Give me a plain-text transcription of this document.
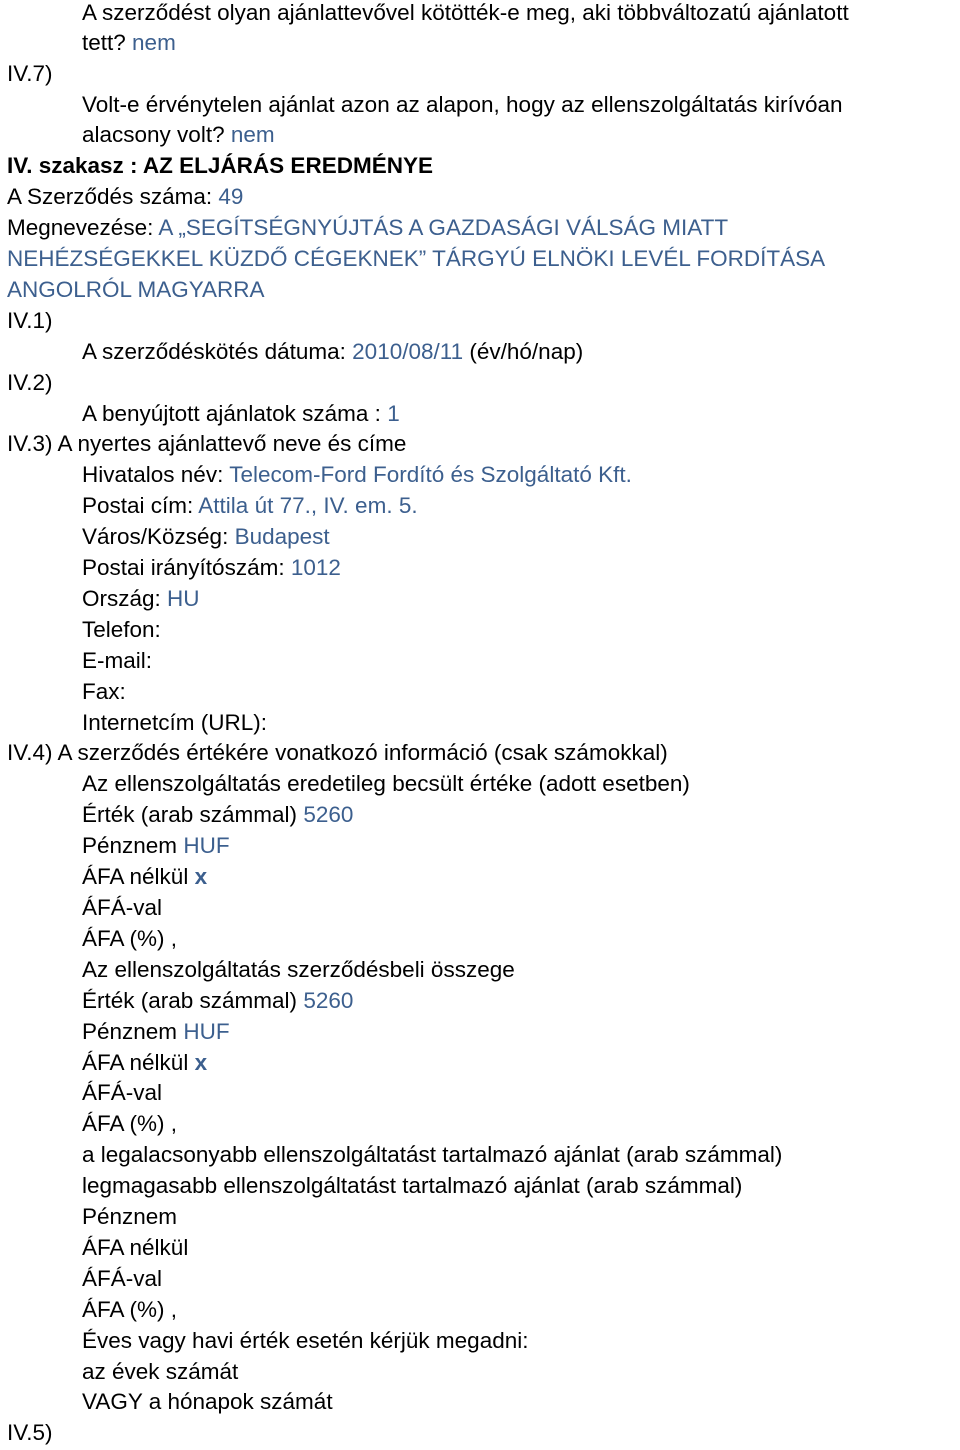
A szerződést olyan ajánlattevővel kötötték-e meg, aki többváltozatú ajánlatott
tett? nem
IV.7)
Volt-e érvénytelen ajánlat azon az alapon, hogy az ellenszolgáltatás kirívóan
alacsony volt? nem
IV. szakasz : AZ ELJÁRÁS EREDMÉNYE
A Szerződés száma: 49
Megnevezése: A „SEGÍTSÉGNYÚJTÁS A GAZDASÁGI VÁLSÁG MIATT
NEHÉZSÉGEKKEL KÜZDŐ CÉGEKNEK” TÁRGYÚ ELNÖKI LEVÉL FORDÍTÁSA
ANGOLRÓL MAGYARRA
IV.1)
A szerződéskötés dátuma: 2010/08/11 (év/hó/nap)
IV.2)
A benyújtott ajánlatok száma : 1
IV.3) A nyertes ajánlattevő neve és címe
Hivatalos név: Telecom-Ford Fordító és Szolgáltató Kft.
Postai cím: Attila út 77., IV. em. 5.
Város/Község: Budapest
Postai irányítószám: 1012
Ország: HU
Telefon:
E-mail:
Fax:
Internetcím (URL):
IV.4) A szerződés értékére vonatkozó információ (csak számokkal)
Az ellenszolgáltatás eredetileg becsült értéke (adott esetben)
Érték (arab számmal) 5260
Pénznem HUF
ÁFA nélkül x
ÁFÁ-val
ÁFA (%) ,
Az ellenszolgáltatás szerződésbeli összege
Érték (arab számmal) 5260
Pénznem HUF
ÁFA nélkül x
ÁFÁ-val
ÁFA (%) ,
a legalacsonyabb ellenszolgáltatást tartalmazó ajánlat (arab számmal)
legmagasabb ellenszolgáltatást tartalmazó ajánlat (arab számmal)
Pénznem
ÁFA nélkül
ÁFÁ-val
ÁFA (%) ,
Éves vagy havi érték esetén kérjük megadni:
az évek számát
VAGY a hónapok számát
IV.5)
